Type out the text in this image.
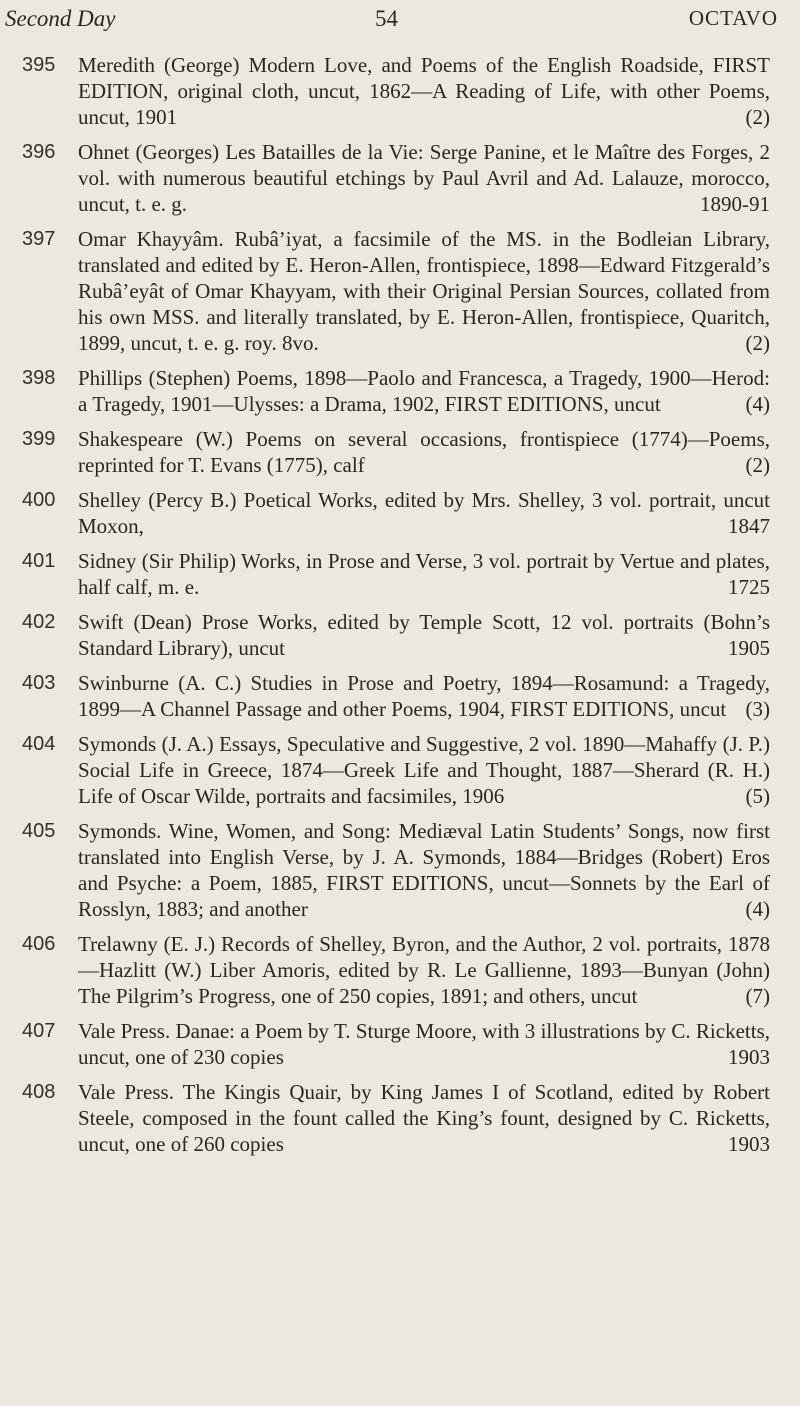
Second Day	54	OCTAVO
395	Meredith (George) Modern Love, and Poems of the English Roadside, FIRST EDITION, original cloth, uncut, 1862—A Reading of Life, with other Poems, uncut, 1901	(2)
396	Ohnet (Georges) Les Batailles de la Vie: Serge Panine, et le Maître des Forges, 2 vol. with numerous beautiful etchings by Paul Avril and Ad. Lalauze, morocco, uncut, t. e. g.	1890-91
397	Omar Khayyâm. Rubâ’iyat, a facsimile of the MS. in the Bodleian Library, translated and edited by E. Heron-Allen, frontispiece, 1898—Edward Fitzgerald’s Rubâ’eyât of Omar Khayyam, with their Original Persian Sources, collated from his own MSS. and literally translated, by E. Heron-Allen, frontispiece, Quaritch, 1899, uncut, t. e. g. roy. 8vo.	(2)
398	Phillips (Stephen) Poems, 1898—Paolo and Francesca, a Tragedy, 1900—Herod: a Tragedy, 1901—Ulysses: a Drama, 1902, FIRST EDITIONS, uncut	(4)
399	Shakespeare (W.) Poems on several occasions, frontispiece (1774)—Poems, reprinted for T. Evans (1775), calf	(2)
400	Shelley (Percy B.) Poetical Works, edited by Mrs. Shelley, 3 vol. portrait, uncut Moxon,	1847
401	Sidney (Sir Philip) Works, in Prose and Verse, 3 vol. portrait by Vertue and plates, half calf, m. e.	1725
402	Swift (Dean) Prose Works, edited by Temple Scott, 12 vol. portraits (Bohn’s Standard Library), uncut	1905
403	Swinburne (A. C.) Studies in Prose and Poetry, 1894—Rosamund: a Tragedy, 1899—A Channel Passage and other Poems, 1904, FIRST EDITIONS, uncut (3)
404	Symonds (J. A.) Essays, Speculative and Suggestive, 2 vol. 1890—Mahaffy (J. P.) Social Life in Greece, 1874—Greek Life and Thought, 1887—Sherard (R. H.) Life of Oscar Wilde, portraits and facsimiles, 1906	(5)
405	Symonds. Wine, Women, and Song: Mediæval Latin Students’ Songs, now first translated into English Verse, by J. A. Symonds, 1884—Bridges (Robert) Eros and Psyche: a Poem, 1885, FIRST EDITIONS, uncut—Sonnets by the Earl of Rosslyn, 1883; and another	(4)
406	Trelawny (E. J.) Records of Shelley, Byron, and the Author, 2 vol. portraits, 1878—Hazlitt (W.) Liber Amoris, edited by R. Le Gallienne, 1893—Bunyan (John) The Pilgrim’s Progress, one of 250 copies, 1891; and others, uncut	(7)
407	Vale Press. Danae: a Poem by T. Sturge Moore, with 3 illustrations by C. Ricketts, uncut, one of 230 copies	1903
408	Vale Press. The Kingis Quair, by King James I of Scotland, edited by Robert Steele, composed in the fount called the King’s fount, designed by C. Ricketts, uncut, one of 260 copies	1903
